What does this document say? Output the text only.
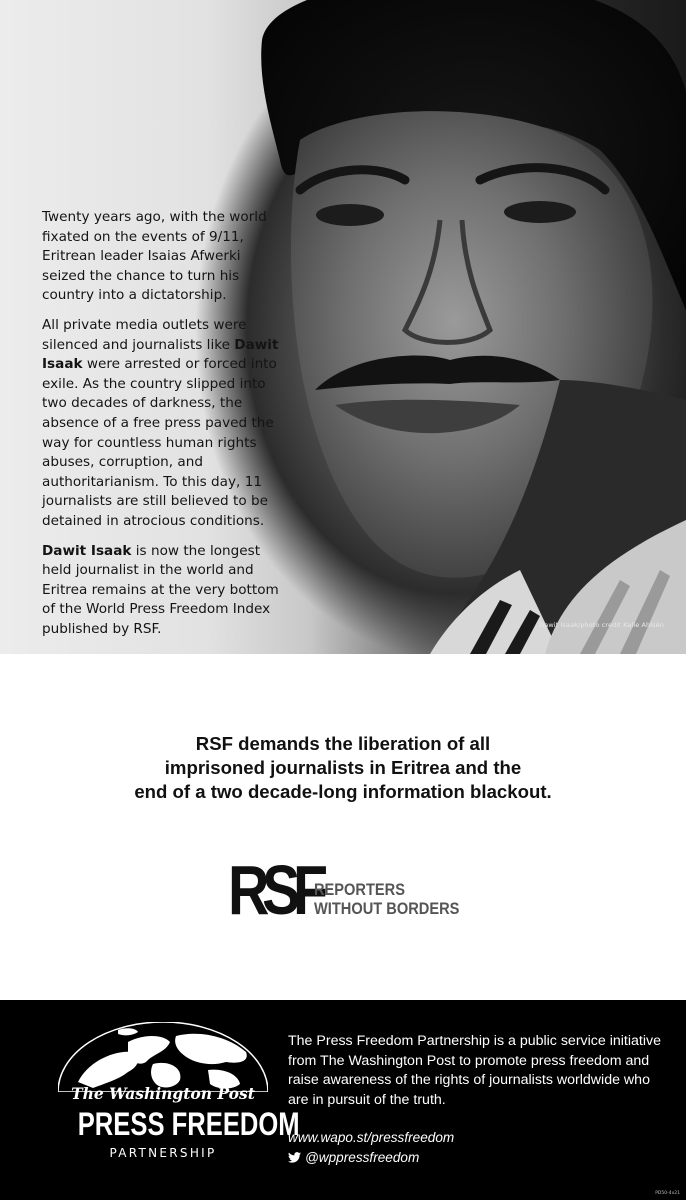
Twenty years ago, with the world fixated on the events of 9/11, Eritrean leader Isaias Afwerki seized the chance to turn his country into a dictatorship.

All private media outlets were silenced and journalists like Dawit Isaak were arrested or forced into exile. As the country slipped into two decades of darkness, the absence of a free press paved the way for countless human rights abuses, corruption, and authoritarianism. To this day, 11 journalists are still believed to be detained in atrocious conditions.

Dawit Isaak is now the longest held journalist in the world and Eritrea remains at the very bottom of the World Press Freedom Index published by RSF.	Dawit Isaak/photo credit Kalle Ahlsén
RSF demands the liberation of all
imprisoned journalists in Eritrea and the
end of a two decade-long information blackout.
RSF
REPORTERS
WITHOUT BORDERS
The Washington Post
PRESS FREEDOM
PARTNERSHIP
The Press Freedom Partnership is a public service initiative from The Washington Post to promote press freedom and raise awareness of the rights of journalists worldwide who are in pursuit of the truth.
www.wapo.st/pressfreedom
@wppressfreedom
PD50-4x21
